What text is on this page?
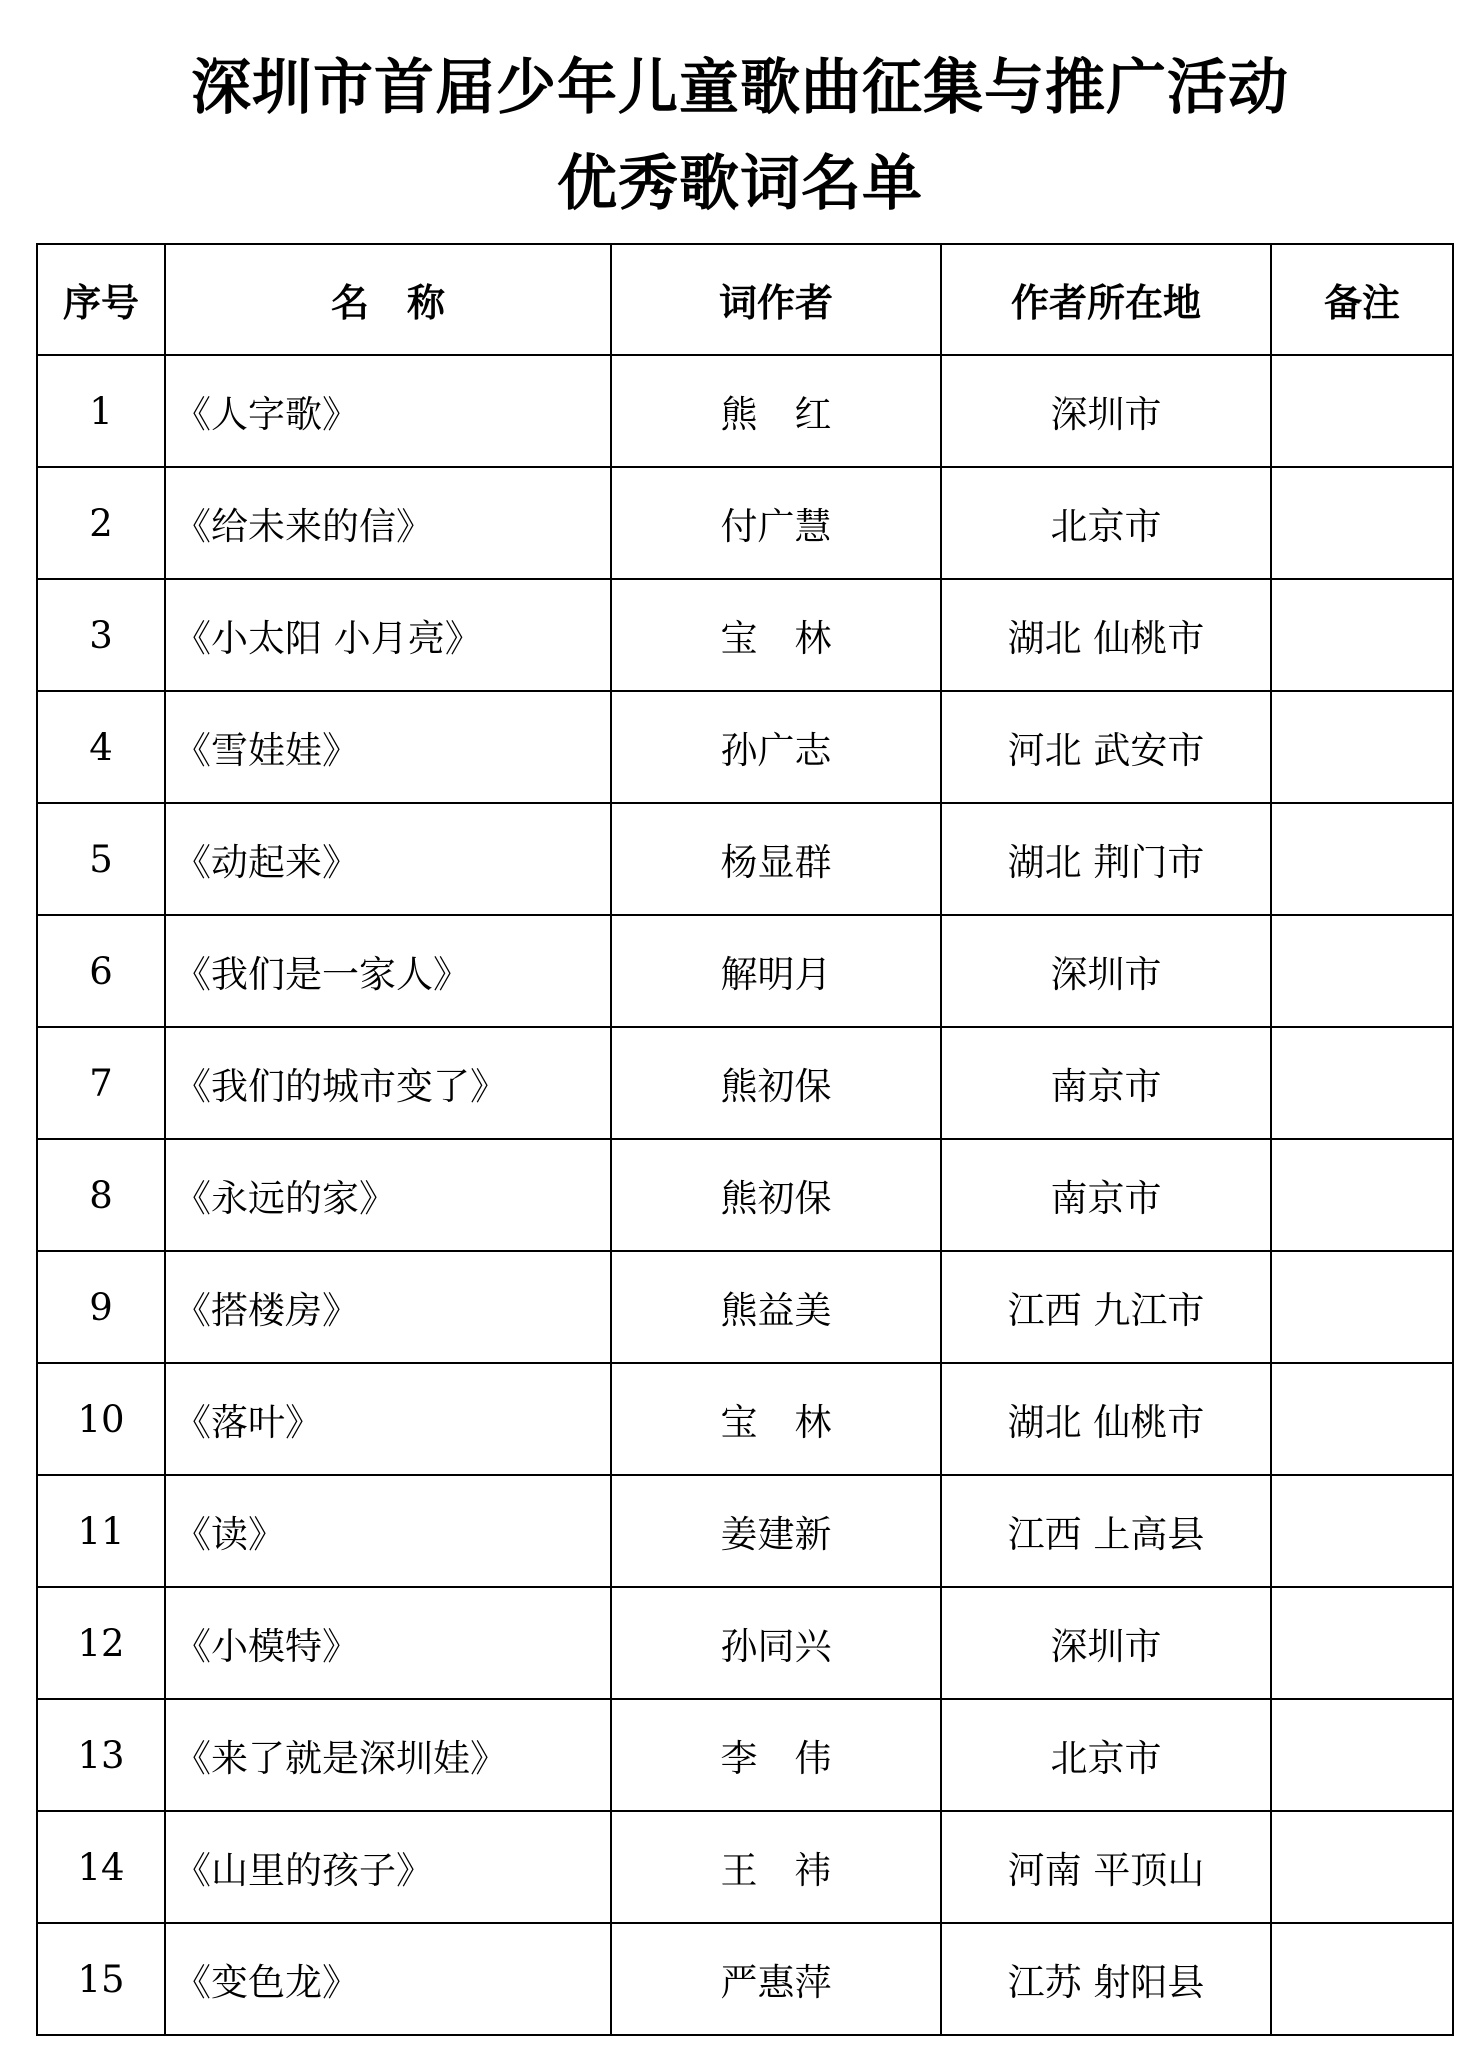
深圳市首届少年儿童歌曲征集与推广活动
优秀歌词名单
序号	名　称	词作者	作者所在地	备注
1	《人字歌》	熊　红	深圳市	
2	《给未来的信》	付广慧	北京市	
3	《小太阳 小月亮》	宝　林	湖北 仙桃市	
4	《雪娃娃》	孙广志	河北 武安市	
5	《动起来》	杨显群	湖北 荆门市	
6	《我们是一家人》	解明月	深圳市	
7	《我们的城市变了》	熊初保	南京市	
8	《永远的家》	熊初保	南京市	
9	《搭楼房》	熊益美	江西 九江市	
10	《落叶》	宝　林	湖北 仙桃市	
11	《读》	姜建新	江西 上高县	
12	《小模特》	孙同兴	深圳市	
13	《来了就是深圳娃》	李　伟	北京市	
14	《山里的孩子》	王　祎	河南 平顶山	
15	《变色龙》	严惠萍	江苏 射阳县	
